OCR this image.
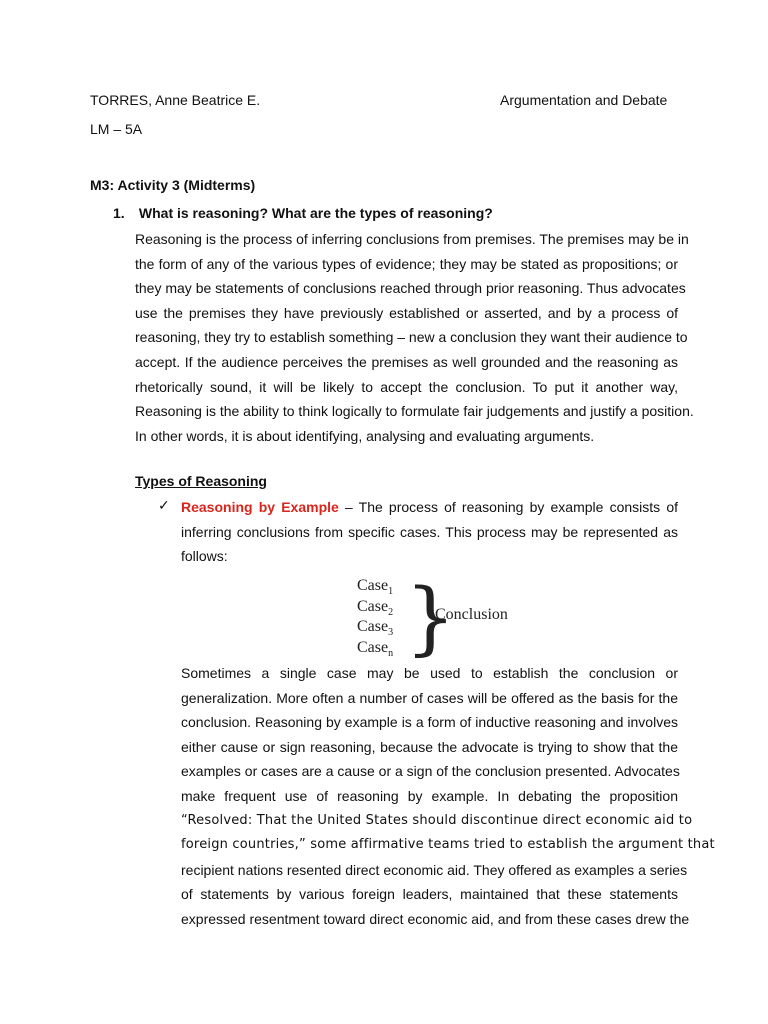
TORRES, Anne Beatrice E.	Argumentation and Debate
LM – 5A
M3: Activity 3 (Midterms)
1. What is reasoning? What are the types of reasoning?
Reasoning is the process of inferring conclusions from premises. The premises may be in
the form of any of the various types of evidence; they may be stated as propositions; or
they may be statements of conclusions reached through prior reasoning. Thus advocates
use the premises they have previously established or asserted, and by a process of
reasoning, they try to establish something – new a conclusion they want their audience to
accept. If the audience perceives the premises as well grounded and the reasoning as
rhetorically sound, it will be likely to accept the conclusion. To put it another way,
Reasoning is the ability to think logically to formulate fair judgements and justify a position.
In other words, it is about identifying, analysing and evaluating arguments.
Types of Reasoning
✓ Reasoning by Example – The process of reasoning by example consists of
inferring conclusions from specific cases. This process may be represented as
follows:
Case$_1$
Case$_2$
Case$_3$
Case$_n$ }
Conclusion
Sometimes a single case may be used to establish the conclusion or
generalization. More often a number of cases will be offered as the basis for the
conclusion. Reasoning by example is a form of inductive reasoning and involves
either cause or sign reasoning, because the advocate is trying to show that the
examples or cases are a cause or a sign of the conclusion presented. Advocates
make frequent use of reasoning by example. In debating the proposition
“Resolved: That the United States should discontinue direct economic aid to
foreign countries,” some affirmative teams tried to establish the argument that
recipient nations resented direct economic aid. They offered as examples a series
of statements by various foreign leaders, maintained that these statements
expressed resentment toward direct economic aid, and from these cases drew the
